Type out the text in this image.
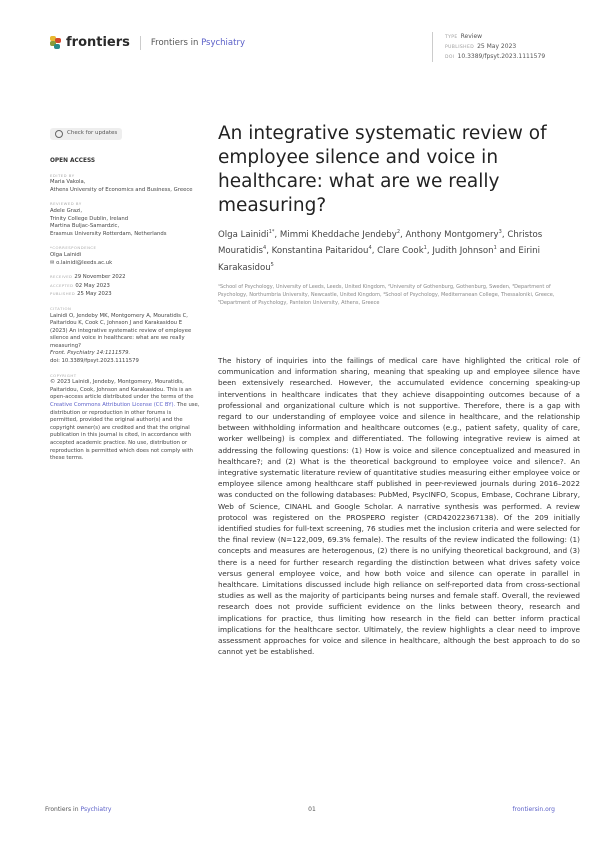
frontiers Frontiers in Psychiatry	TYPE Review
PUBLISHED 25 May 2023
DOI 10.3389/fpsyt.2023.1111579
Check for updates
OPEN ACCESS
EDITED BY
Maria Vakola,
Athens University of Economics and Business, Greece
REVIEWED BY
Adele Grazi,
Trinity College Dublin, Ireland
Martina Buljac-Samardzic,
Erasmus University Rotterdam, Netherlands
*CORRESPONDENCE
Olga Lainidi
✉ o.lainidi@leeds.ac.uk
RECEIVED 29 November 2022
ACCEPTED 02 May 2023
PUBLISHED 25 May 2023
CITATION
Lainidi O, Jendeby MK, Montgomery A, Mouratidis C, Paitaridou K, Cook C, Johnson J and Karakasidou E (2023) An integrative systematic review of employee silence and voice in healthcare: what are we really measuring?
Front. Psychiatry 14:1111579.
doi: 10.3389/fpsyt.2023.1111579
COPYRIGHT
© 2023 Lainidi, Jendeby, Montgomery, Mouratidis, Paitaridou, Cook, Johnson and Karakasidou. This is an open-access article distributed under the terms of the Creative Commons Attribution License (CC BY). The use, distribution or reproduction in other forums is permitted, provided the original author(s) and the copyright owner(s) are credited and that the original publication in this journal is cited, in accordance with accepted academic practice. No use, distribution or reproduction is permitted which does not comply with these terms.
An integrative systematic review of employee silence and voice in healthcare: what are we really measuring?
Olga Lainidi$^{1*}$, Mimmi Kheddache Jendeby$^2$, Anthony Montgomery$^3$, Christos Mouratidis$^4$, Konstantina Paitaridou$^4$, Clare Cook$^1$, Judith Johnson$^1$ and Eirini Karakasidou$^5$
¹School of Psychology, University of Leeds, Leeds, United Kingdom, ²University of Gothenburg, Gothenburg, Sweden, ³Department of Psychology, Northumbria University, Newcastle, United Kingdom, ⁴School of Psychology, Mediterranean College, Thessaloniki, Greece, ⁵Department of Psychology, Panteion University, Athens, Greece
The history of inquiries into the failings of medical care have highlighted the critical role of communication and information sharing, meaning that speaking up and employee silence have been extensively researched. However, the accumulated evidence concerning speaking-up interventions in healthcare indicates that they achieve disappointing outcomes because of a professional and organizational culture which is not supportive. Therefore, there is a gap with regard to our understanding of employee voice and silence in healthcare, and the relationship between withholding information and healthcare outcomes (e.g., patient safety, quality of care, worker wellbeing) is complex and differentiated. The following integrative review is aimed at addressing the following questions: (1) How is voice and silence conceptualized and measured in healthcare?; and (2) What is the theoretical background to employee voice and silence?. An integrative systematic literature review of quantitative studies measuring either employee voice or employee silence among healthcare staff published in peer-reviewed journals during 2016–2022 was conducted on the following databases: PubMed, PsycINFO, Scopus, Embase, Cochrane Library, Web of Science, CINAHL and Google Scholar. A narrative synthesis was performed. A review protocol was registered on the PROSPERO register (CRD42022367138). Of the 209 initially identified studies for full-text screening, 76 studies met the inclusion criteria and were selected for the final review (N=122,009, 69.3% female). The results of the review indicated the following: (1) concepts and measures are heterogenous, (2) there is no unifying theoretical background, and (3) there is a need for further research regarding the distinction between what drives safety voice versus general employee voice, and how both voice and silence can operate in parallel in healthcare. Limitations discussed include high reliance on self-reported data from cross-sectional studies as well as the majority of participants being nurses and female staff. Overall, the reviewed research does not provide sufficient evidence on the links between theory, research and implications for practice, thus limiting how research in the field can better inform practical implications for the healthcare sector. Ultimately, the review highlights a clear need to improve assessment approaches for voice and silence in healthcare, although the best approach to do so cannot yet be established.
Frontiers in Psychiatry	01	frontiersin.org
